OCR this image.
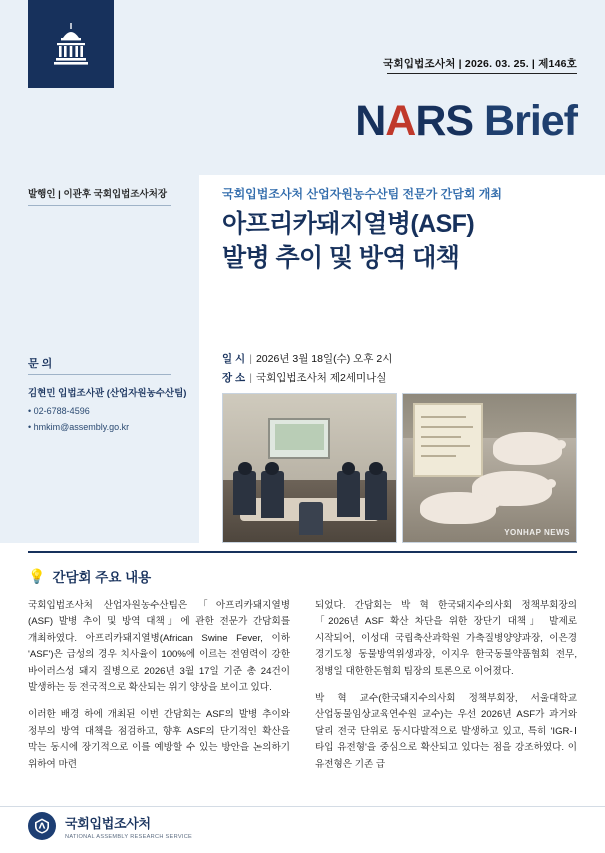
국회입법조사처 | 2026. 03. 25. | 제146호
NARS Brief
발행인 | 이관후 국회입법조사처장
문 의
김현민 입법조사관 (산업자원농수산팀)
• 02-6788-4596
• hmkim@assembly.go.kr
국회입법조사처 산업자원농수산팀 전문가 간담회 개최
아프리카돼지열병(ASF)
발병 추이 및 방역 대책
일 시 | 2026년 3월 18일(수) 오후 2시
장 소 | 국회입법조사처 제2세미나실
YONHAP NEWS
💡 간담회 주요 내용

국회입법조사처 산업자원농수산팀은 「아프리카돼지열병(ASF) 발병 추이 및 방역 대책」에 관한 전문가 간담회를 개최하였다. 아프리카돼지열병(African Swine Fever, 이하 'ASF')은 급성의 경우 치사율이 100%에 이르는 전염력이 강한 바이러스성 돼지 질병으로 2026년 3월 17일 기준 총 24건이 발생하는 등 전국적으로 확산되는 위기 양상을 보이고 있다.

이러한 배경 하에 개최된 이번 간담회는 ASF의 발병 추이와 정부의 방역 대책을 점검하고, 향후 ASF의 단기적인 확산을 막는 동시에 장기적으로 이를 예방할 수 있는 방안을 논의하기 위하여 마련

되었다. 간담회는 박 혁 한국돼지수의사회 정책부회장의 「2026년 ASF 확산 차단을 위한 장단기 대책」 발제로 시작되어, 이성대 국립축산과학원 가축질병양양과장, 이은경 경기도청 동물방역위생과장, 이지우 한국동물약품협회 전무, 정병일 대한한돈협회 팀장의 토론으로 이어졌다.

박 혁 교수(한국돼지수의사회 정책부회장, 서울대학교 산업동물임상교육연수원 교수)는 우선 2026년 ASF가 과거와 달리 전국 단위로 동시다발적으로 발생하고 있고, 특히 'IGR-Ⅰ 타입 유전형'을 중심으로 확산되고 있다는 점을 강조하였다. 이 유전형은 기존 급

국회입법조사처
NATIONAL ASSEMBLY RESEARCH SERVICE
